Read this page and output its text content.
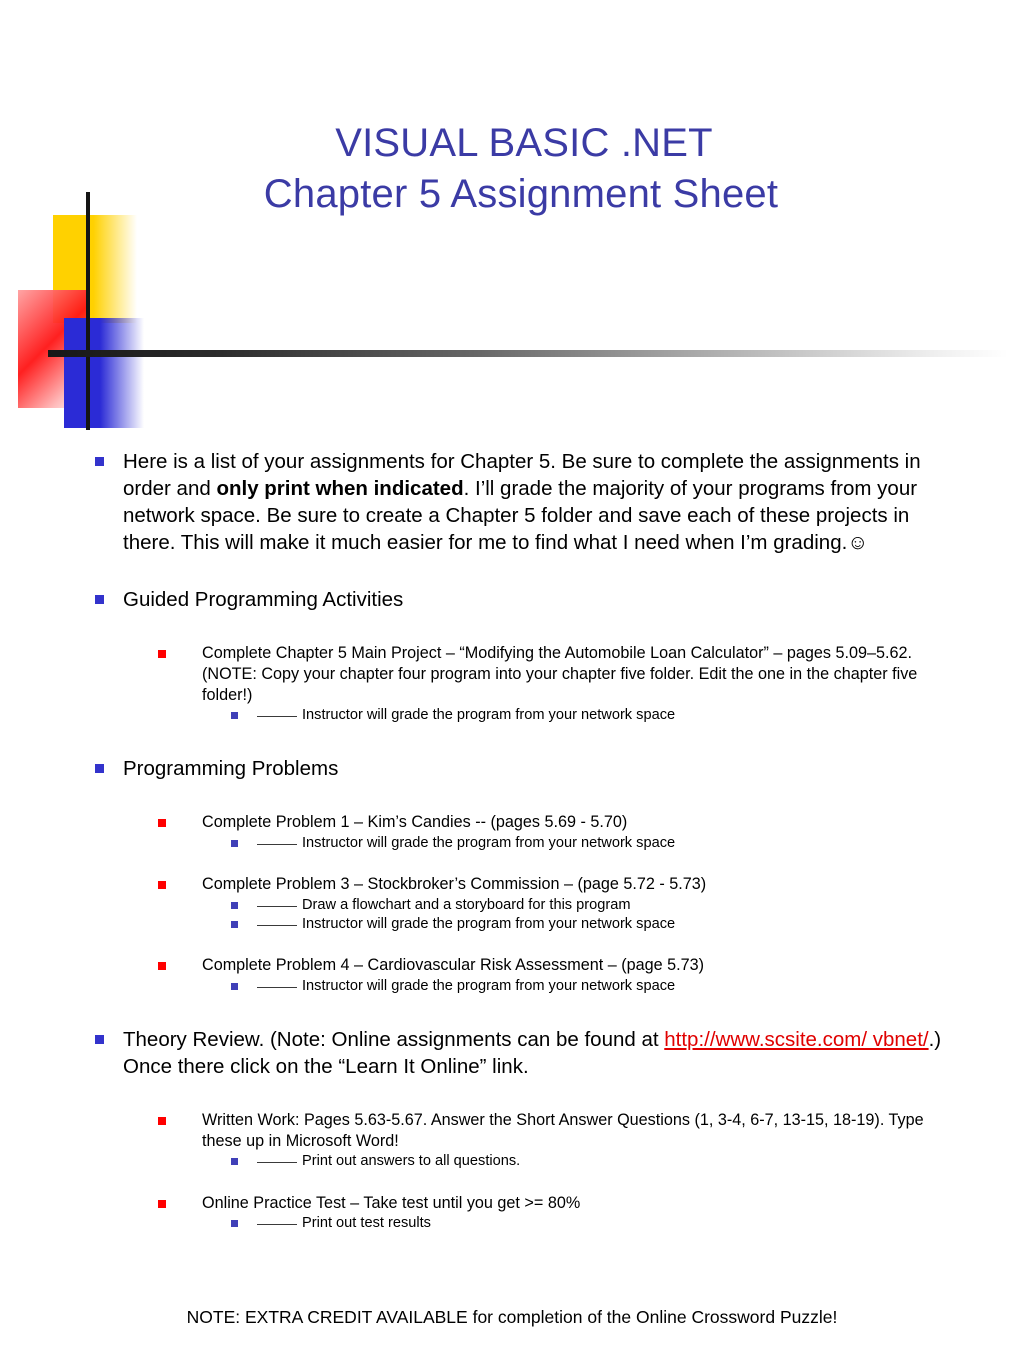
VISUAL BASIC .NET
Chapter 5 Assignment Sheet
Here is a list of your assignments for Chapter 5. Be sure to complete the assignments in order and only print when indicated. I’ll grade the majority of your programs from your network space. Be sure to create a Chapter 5 folder and save each of these projects in there. This will make it much easier for me to find what I need when I’m grading.☺
Guided Programming Activities
Complete Chapter 5 Main Project – “Modifying the Automobile Loan Calculator” – pages 5.09–5.62. (NOTE: Copy your chapter four program into your chapter five folder. Edit the one in the chapter five folder!)
Instructor will grade the program from your network space
Programming Problems
Complete Problem 1 – Kim’s Candies -- (pages 5.69 - 5.70)
Instructor will grade the program from your network space
Complete Problem 3 – Stockbroker’s Commission – (page 5.72 - 5.73)
Draw a flowchart and a storyboard for this program
Instructor will grade the program from your network space
Complete Problem 4 – Cardiovascular Risk Assessment – (page 5.73)
Instructor will grade the program from your network space
Theory Review. (Note: Online assignments can be found at http://www.scsite.com/ vbnet/.) Once there click on the “Learn It Online” link.
Written Work: Pages 5.63-5.67. Answer the Short Answer Questions (1, 3-4, 6-7, 13-15, 18-19). Type these up in Microsoft Word!
Print out answers to all questions.
Online Practice Test – Take test until you get >= 80%
Print out test results
NOTE: EXTRA CREDIT AVAILABLE for completion of the Online Crossword Puzzle!
